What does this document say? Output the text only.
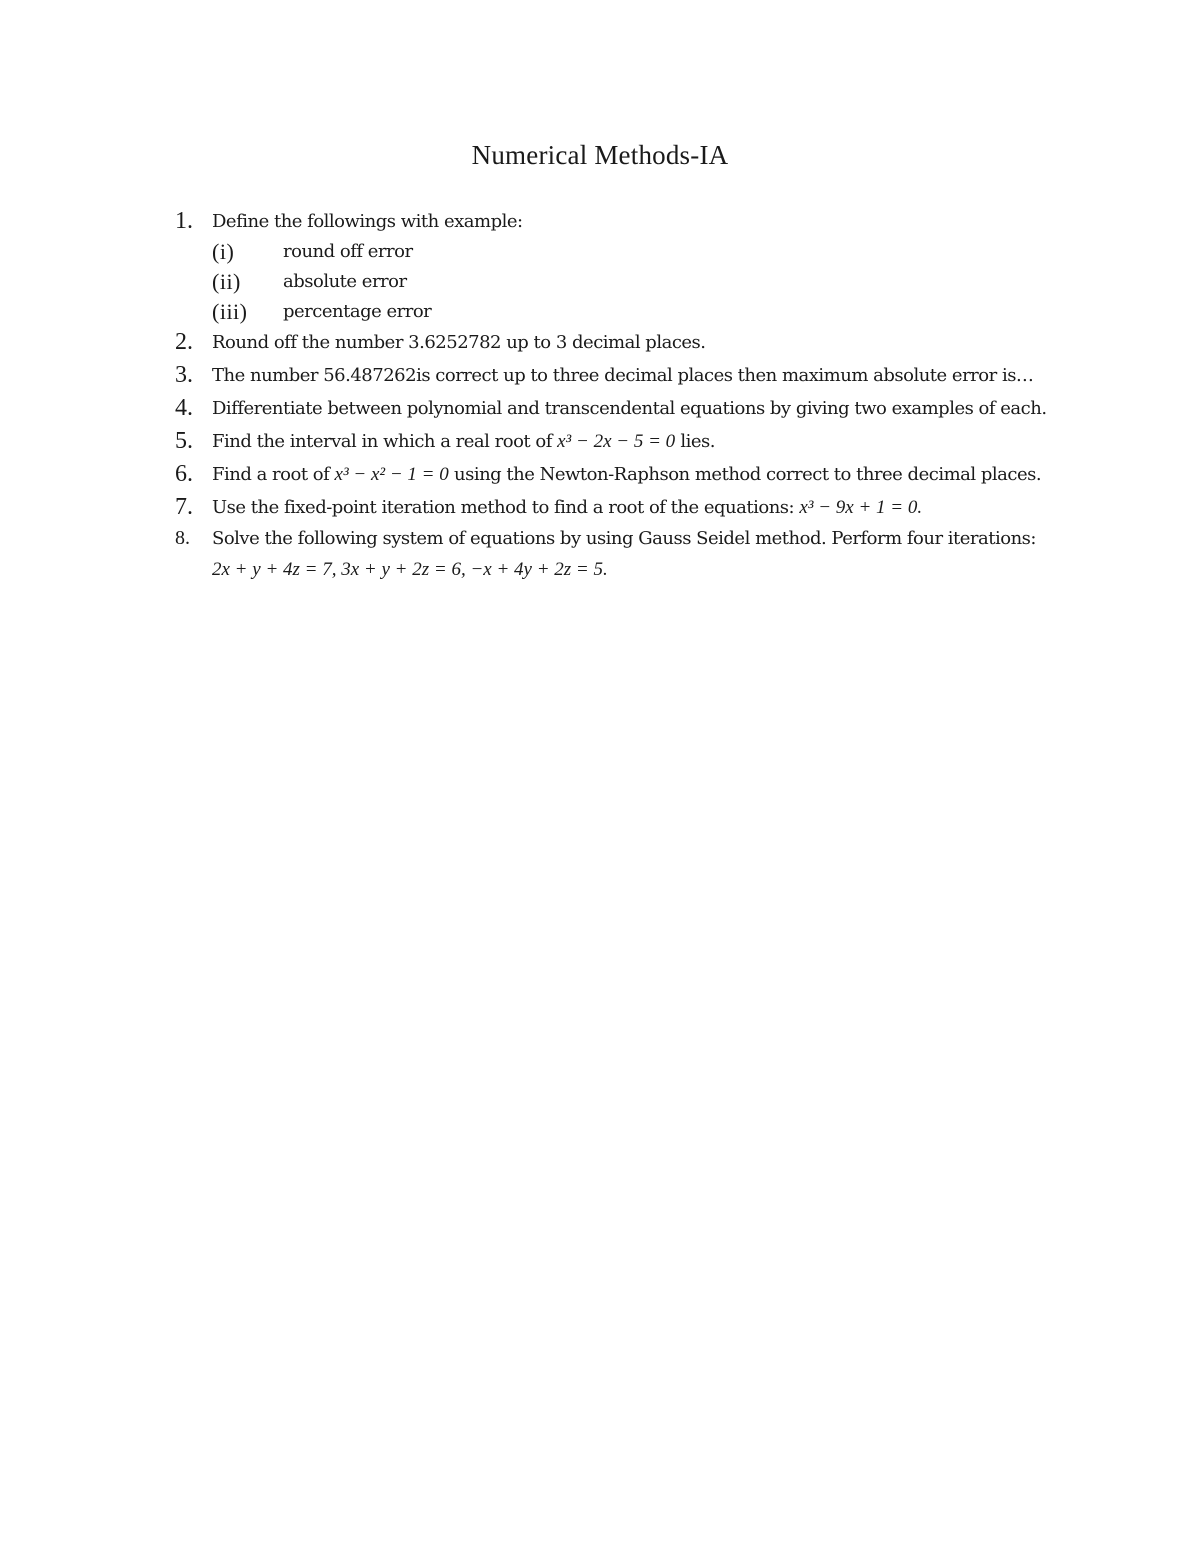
Numerical Methods-IA
1. Define the followings with example:
(i)	round off error
(ii) absolute error
(iii) percentage error
2. Round off the number 3.6252782 up to 3 decimal places.
3. The number 56.487262is correct up to three decimal places then maximum absolute error is…
4. Differentiate between polynomial and transcendental equations by giving two examples of each.
5. Find the interval in which a real root of x³ − 2x − 5 = 0 lies.
6. Find a root of x³ − x² − 1 = 0 using the Newton-Raphson method correct to three decimal places.
7. Use the fixed-point iteration method to find a root of the equations: x³ − 9x + 1 = 0.
8. Solve the following system of equations by using Gauss Seidel method. Perform four iterations: 2x + y + 4z = 7, 3x + y + 2z = 6, −x + 4y + 2z = 5.
